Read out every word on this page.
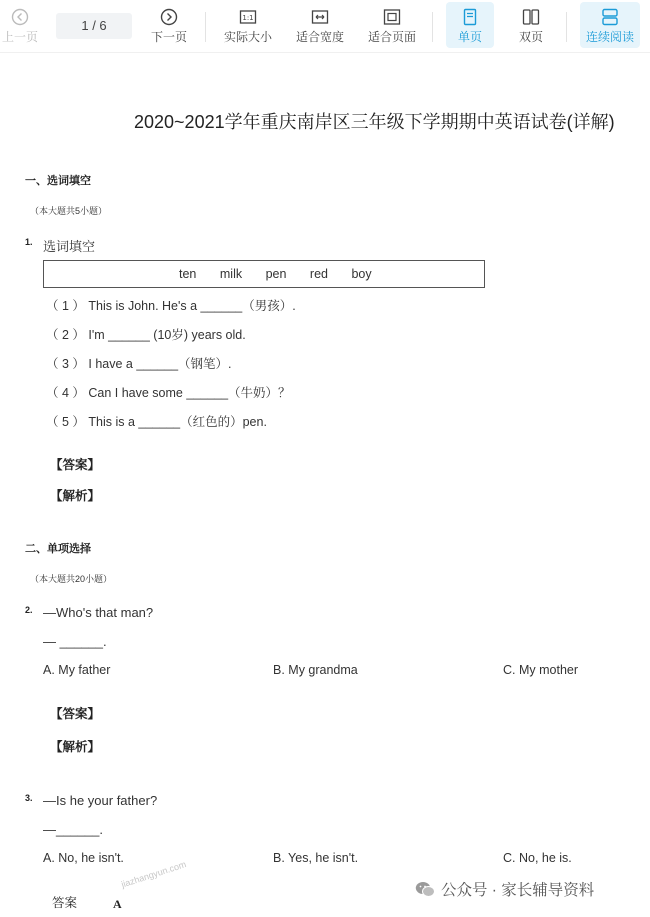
上一页
1 / 6
下一页
1:1
实际大小	适合宽度	适合页面	单页	双页	连续阅读
2020~2021学年重庆南岸区三年级下学期期中英语试卷(详解)
一、选词填空
（本大题共5小题）
1. 选词填空
ten milk pen red boy
（ 1 ） This is John. He's a ______（男孩）.
（ 2 ） I'm ______ (10岁) years old.
（ 3 ） I have a ______（钢笔）.
（ 4 ） Can I have some ______（牛奶）？
（ 5 ） This is a ______（红色的）pen.
【答案】
【解析】
二、单项选择
（本大题共20小题）
2. —Who's that man?
— ______.
A. My father	B. My grandma	C. My mother
【答案】
【解析】
3. —Is he your father?
—______.
A. No, he isn't.	B. Yes, he isn't.	C. No, he is.
答案	A
jiazhangyun.com
公众号 · 家长辅导资料
